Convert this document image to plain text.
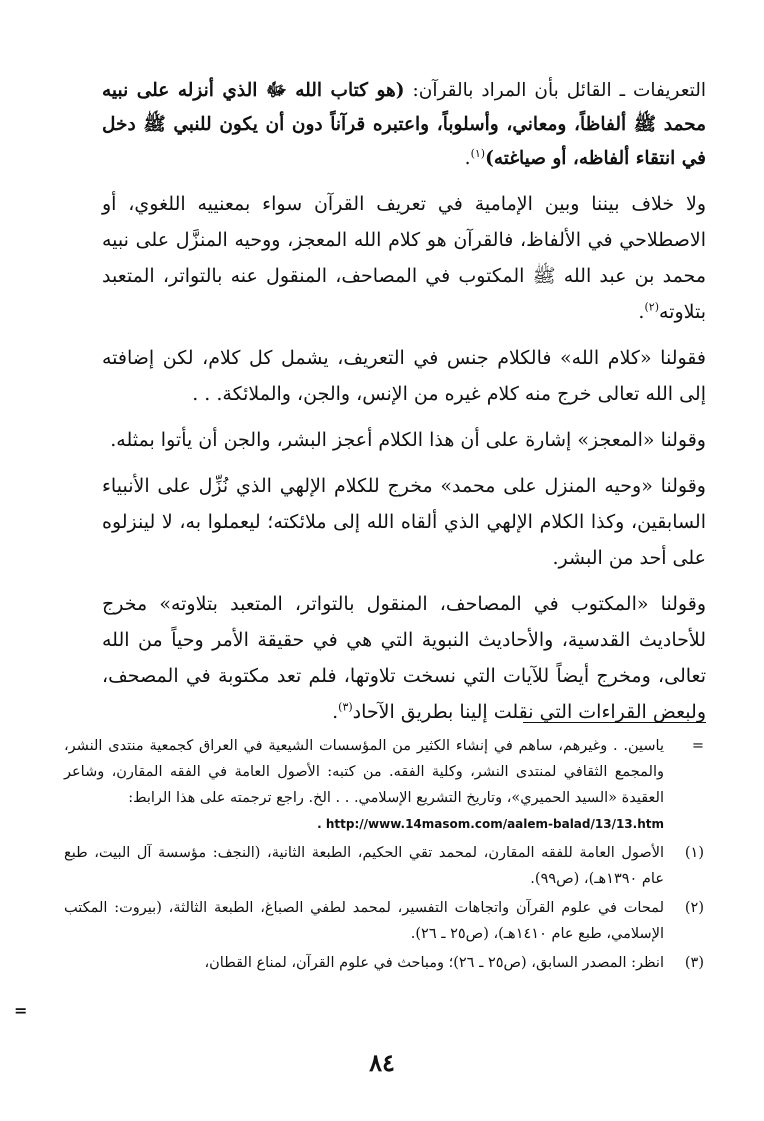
التعريفات ـ القائل بأن المراد بالقرآن: (هو كتاب الله ﷻ الذي أنزله على نبيه محمد ﷺ ألفاظاً، ومعاني، وأسلوباً، واعتبره قرآناً دون أن يكون للنبي ﷺ دخل في انتقاء ألفاظه، أو صياغته)$^{(١)}$.

ولا خلاف بيننا وبين الإمامية في تعريف القرآن سواء بمعنييه اللغوي، أو الاصطلاحي في الألفاظ، فالقرآن هو كلام الله المعجز، ووحيه المنزَّل على نبيه محمد بن عبد الله ﷺ المكتوب في المصاحف، المنقول عنه بالتواتر، المتعبد بتلاوته$^{(٢)}$.

فقولنا «كلام الله» فالكلام جنس في التعريف، يشمل كل كلام، لكن إضافته إلى الله تعالى خرج منه كلام غيره من الإنس، والجن، والملائكة. . .

وقولنا «المعجز» إشارة على أن هذا الكلام أعجز البشر، والجن أن يأتوا بمثله.

وقولنا «وحيه المنزل على محمد» مخرج للكلام الإلهي الذي نُزِّل على الأنبياء السابقين، وكذا الكلام الإلهي الذي ألقاه الله إلى ملائكته؛ ليعملوا به، لا لينزلوه على أحد من البشر.

وقولنا «المكتوب في المصاحف، المنقول بالتواتر، المتعبد بتلاوته» مخرج للأحاديث القدسية، والأحاديث النبوية التي هي في حقيقة الأمر وحياً من الله تعالى، ومخرج أيضاً للآيات التي نسخت تلاوتها، فلم تعد مكتوبة في المصحف، ولبعض القراءات التي نقلت إلينا بطريق الآحاد$^{(٣)}$.

=
ياسين. . وغيرهم، ساهم في إنشاء الكثير من المؤسسات الشيعية في العراق كجمعية منتدى النشر، والمجمع الثقافي لمنتدى النشر، وكلية الفقه. من كتبه: الأصول العامة في الفقه المقارن، وشاعر العقيدة «السيد الحميري»، وتاريخ التشريع الإسلامي. . . الخ. راجع ترجمته على هذا الرابط:
. http://www.14masom.com/aalem-balad/13/13.htm
(١)
الأصول العامة للفقه المقارن، لمحمد تقي الحكيم، الطبعة الثانية، (النجف: مؤسسة آل البيت، طبع عام ١٣٩٠هـ)، (ص٩٩).
(٢)
لمحات في علوم القرآن واتجاهات التفسير، لمحمد لطفي الصباغ، الطبعة الثالثة، (بيروت: المكتب الإسلامي، طبع عام ١٤١٠هـ)، (ص٢٥ ـ ٢٦).
(٣)
انظر: المصدر السابق، (ص٢٥ ـ ٢٦)؛ ومباحث في علوم القرآن، لمناع القطان،
=
٨٤
